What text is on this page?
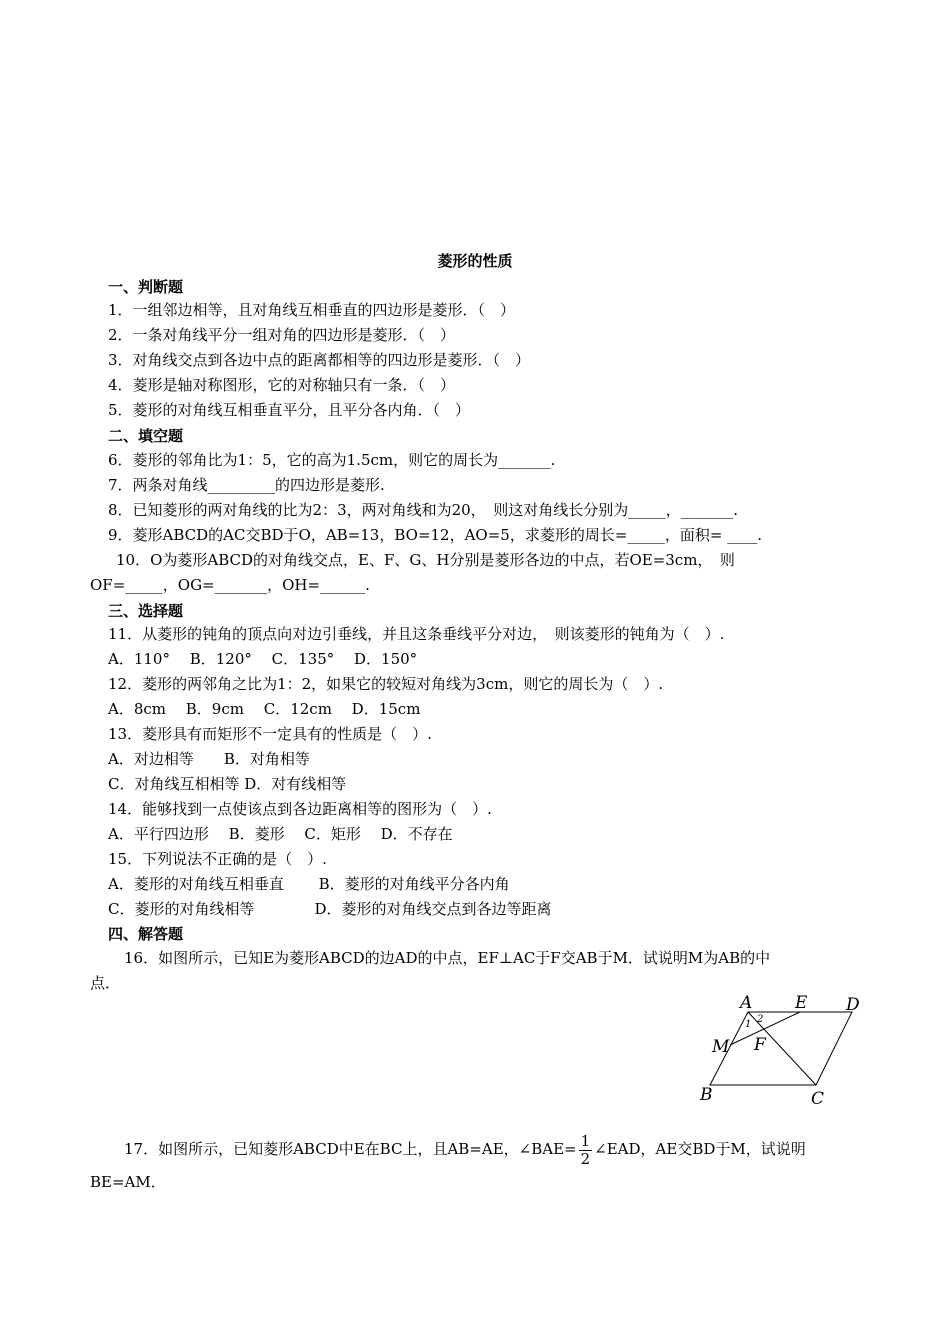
菱形的性质
一、判断题
1．一组邻边相等，且对角线互相垂直的四边形是菱形．（　）
2．一条对角线平分一组对角的四边形是菱形．（　）
3．对角线交点到各边中点的距离都相等的四边形是菱形．（　）
4．菱形是轴对称图形，它的对称轴只有一条．（　）
5．菱形的对角线互相垂直平分，且平分各内角．（　）
二、填空题
6．菱形的邻角比为1：5，它的高为1.5cm，则它的周长为_______.
7．两条对角线_________的四边形是菱形.
8．已知菱形的两对角线的比为2：3，两对角线和为20，　则这对角线长分别为_____，_______.
9．菱形ABCD的AC交BD于O，AB=13，BO=12，AO=5，求菱形的周长=_____，面积= ____.
10．O为菱形ABCD的对角线交点，E、F、G、H分别是菱形各边的中点，若OE=3cm，　则
OF=_____，OG=_______，OH=______.
三、选择题
11．从菱形的钝角的顶点向对边引垂线，并且这条垂线平分对边，　则该菱形的钝角为（　）.
A．110°　 B．120°　 C．135°　 D．150°
12．菱形的两邻角之比为1：2，如果它的较短对角线为3cm，则它的周长为（　）.
A．8cm　 B．9cm　 C．12cm　 D．15cm
13．菱形具有而矩形不一定具有的性质是（　）.
A．对边相等　　B．对角相等
C．对角线互相相等 D．对有线相等
14．能够找到一点使该点到各边距离相等的图形为（　）.
A．平行四边形　 B．菱形　 C．矩形　 D．不存在
15．下列说法不正确的是（　）.
A．菱形的对角线互相垂直　　 B．菱形的对角线平分各内角
C．菱形的对角线相等　　　　D．菱形的对角线交点到各边等距离
四、解答题
16．如图所示，已知E为菱形ABCD的边AD的中点，EF⊥AC于F交AB于M．试说明M为AB的中
点．
A	E D
M F
B	C
1 2
17．如图所示，已知菱形ABCD中E在BC上，且AB=AE，∠BAE= $\frac{1}{2}$ ∠EAD，AE交BD于M，试说明
BE=AM．
